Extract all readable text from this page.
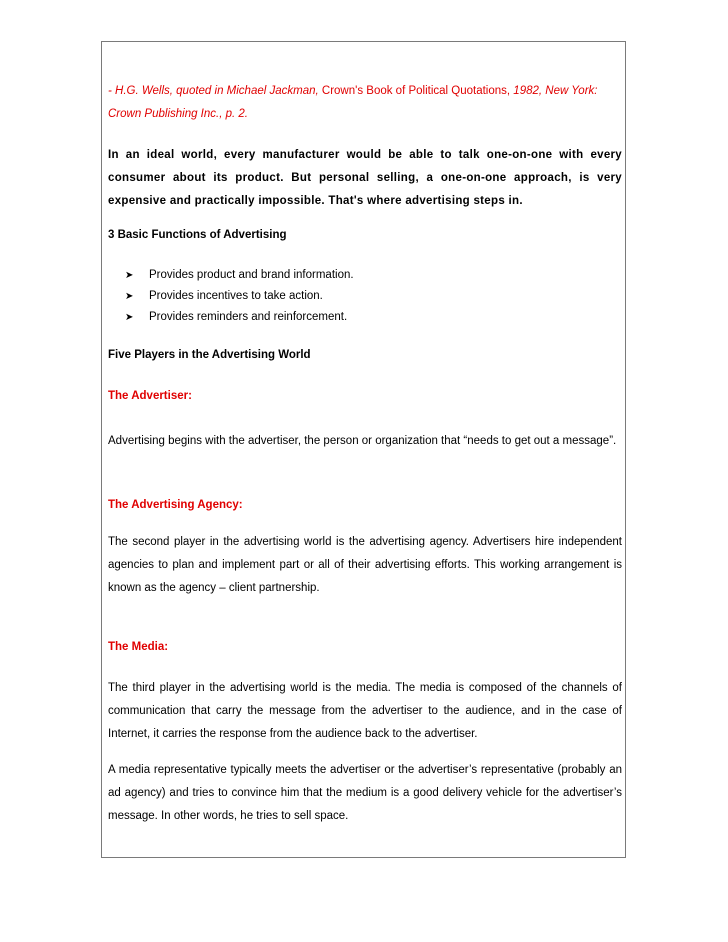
- H.G. Wells, quoted in Michael Jackman, Crown's Book of Political Quotations, 1982, New York:
Crown Publishing Inc., p. 2.

In an ideal world, every manufacturer would be able to talk one-on-one with every consumer about its product. But personal selling, a one-on-one approach, is very expensive and practically impossible. That's where advertising steps in.

3 Basic Functions of Advertising

➤ Provides product and brand information.
➤ Provides incentives to take action.
➤ Provides reminders and reinforcement.

Five Players in the Advertising World

The Advertiser:

Advertising begins with the advertiser, the person or organization that “needs to get out a message”.

The Advertising Agency:

The second player in the advertising world is the advertising agency. Advertisers hire independent agencies to plan and implement part or all of their advertising efforts. This working arrangement is known as the agency – client partnership.

The Media:

The third player in the advertising world is the media. The media is composed of the channels of communication that carry the message from the advertiser to the audience, and in the case of Internet, it carries the response from the audience back to the advertiser.

A media representative typically meets the advertiser or the advertiser’s representative (probably an ad agency) and tries to convince him that the medium is a good delivery vehicle for the advertiser’s message. In other words, he tries to sell space.
